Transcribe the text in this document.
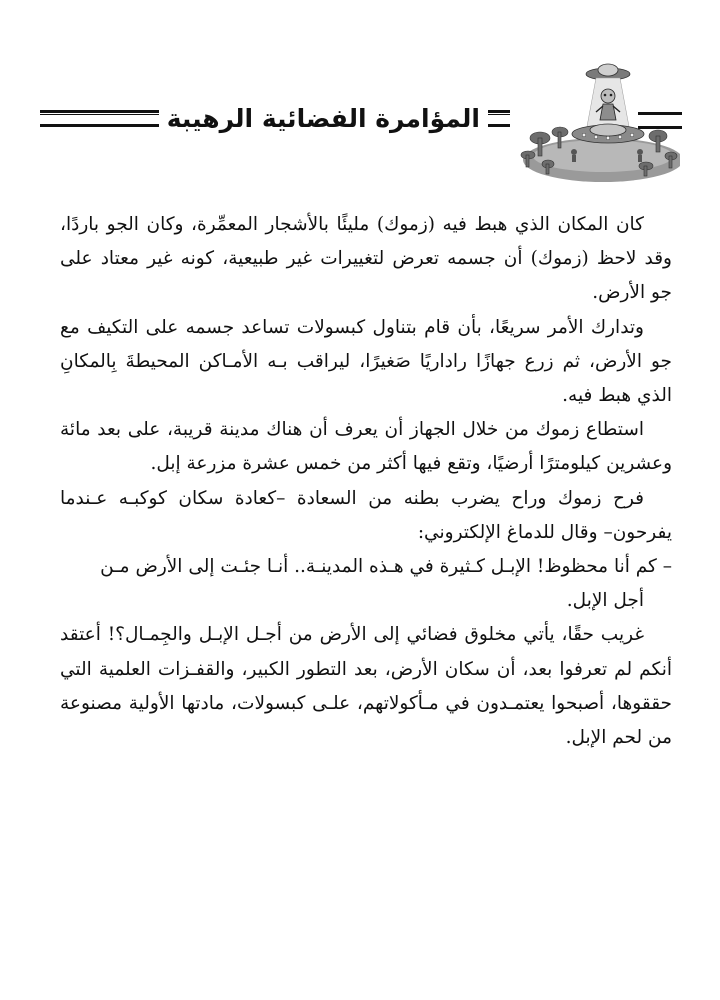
المؤامرة الفضائية الرهيبة

كان المكان الذي هبط فيه (زموك) مليئًا بالأشجار المعمِّرة، وكان الجو باردًا، وقد لاحظ (زموك) أن جسمه تعرض لتغييرات غير طبيعية، كونه غير معتاد على جو الأرض.

وتدارك الأمر سريعًا، بأن قام بتناول كبسولات تساعد جسمه على التكيف مع جو الأرض، ثم زرع جهازًا راداريًا صَغيرًا، ليراقب بـه الأمـاكن المحيطةَ بِالمكانِ الذي هبط فيه.

استطاع زموك من خلال الجهاز أن يعرف أن هناك مدينة قريبة، على بعد مائة وعشرين كيلومترًا أرضيًا، وتقع فيها أكثر من خمس عشرة مزرعة إبل.

فرح زموك وراح يضرب بطنه من السعادة –كعادة سكان كوكبـه عـندما يفرحون– وقال للدماغ الإلكتروني:

– كم أنا محظوظ! الإبـل كـثيرة في هـذه المدينـة.. أنـا جئـت إلى الأرض مـن

أجل الإبل.

غريب حقًا، يأتي مخلوق فضائي إلى الأرض من أجـل الإبـل والجِمـال؟! أعتقد أنكم لم تعرفوا بعد، أن سكان الأرض، بعد التطور الكبير، والقفـزات العلمية التي حققوها، أصبحوا يعتمـدون في مـأكولاتهم، علـى كبسولات، مادتها الأولية مصنوعة من لحم الإبل.
